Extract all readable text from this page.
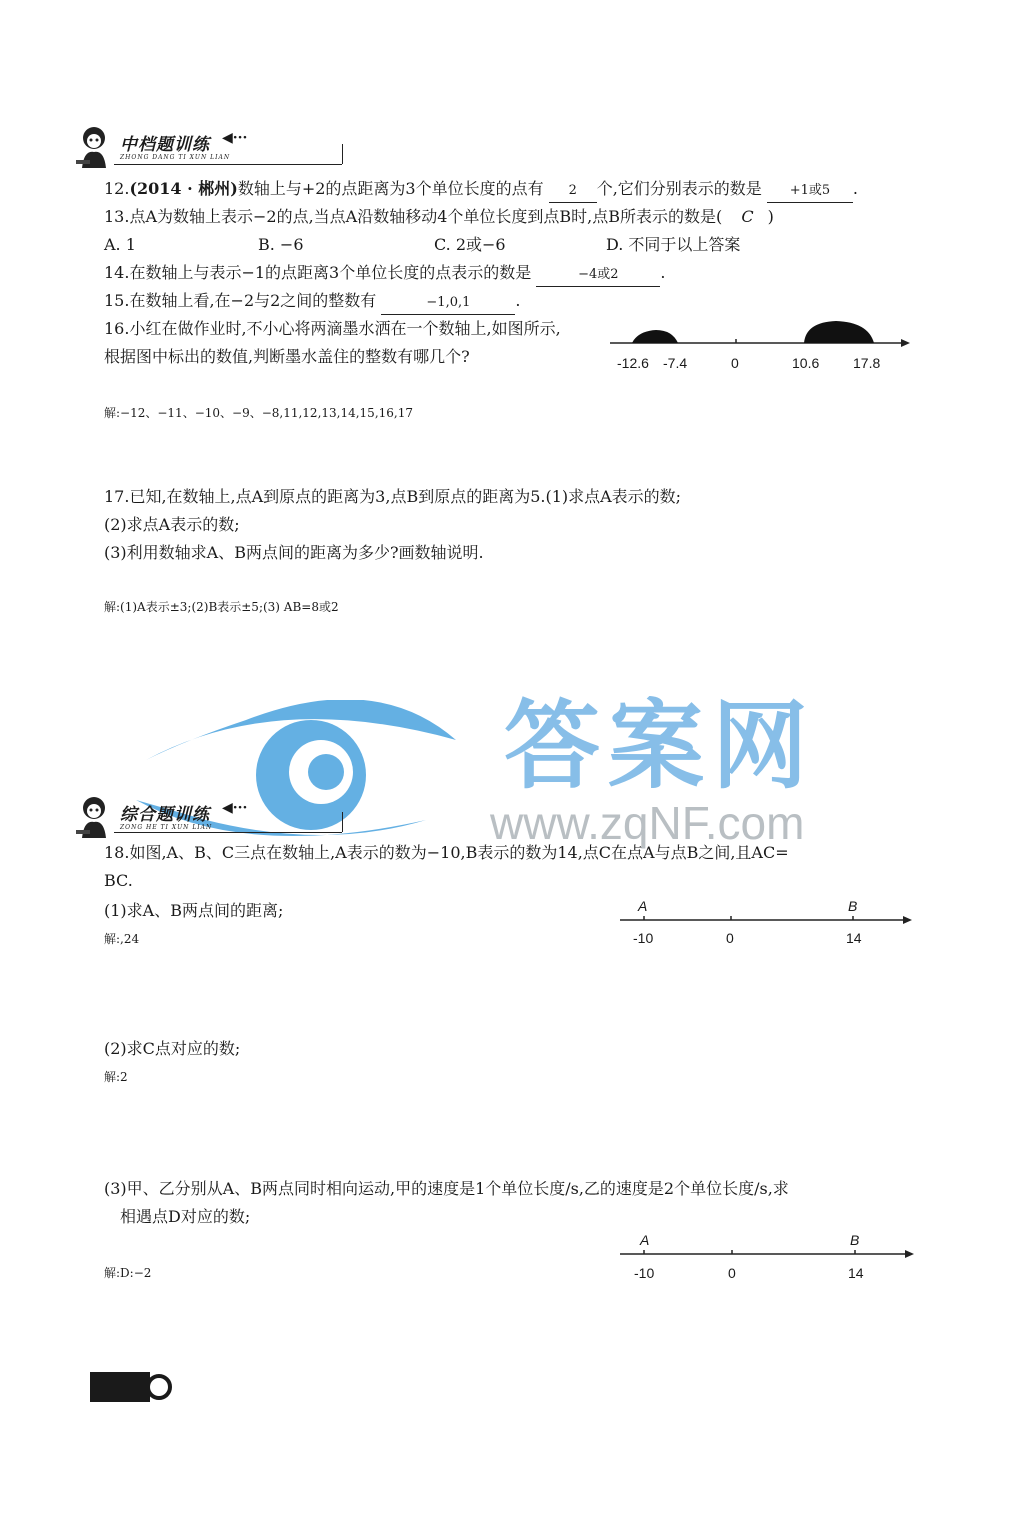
中档题训练 ◀···
ZHONG DANG TI XUN LIAN
12.(2014 · 郴州)数轴上与+2的点距离为3个单位长度的点有 2 个,它们分别表示的数是 +1或5 .
13.点A为数轴上表示−2的点,当点A沿数轴移动4个单位长度到点B时,点B所表示的数是( C )
A. 1	B. −6	C. 2或−6	D. 不同于以上答案
14.在数轴上与表示−1的点距离3个单位长度的点表示的数是	−4或2	.
15.在数轴上看,在−2与2之间的整数有	−1,0,1	.
16.小红在做作业时,不小心将两滴墨水洒在一个数轴上,如图所示,
根据图中标出的数值,判断墨水盖住的整数有哪几个?	-12.6 -7.4	0	10.6 17.8
解:−12、−11、−10、−9、−8,11,12,13,14,15,16,17
17.已知,在数轴上,点A到原点的距离为3,点B到原点的距离为5.(1)求点A表示的数;
(2)求点A表示的数;
(3)利用数轴求A、B两点间的距离为多少?画数轴说明.
解:(1)A表示±3;(2)B表示±5;(3) AB=8或2
答案网
www.zqNF.com
综合题训练 ◀···
ZONG HE TI XUN LIAN
18.如图,A、B、C三点在数轴上,A表示的数为−10,B表示的数为14,点C在点A与点B之间,且AC=
BC.
(1)求A、B两点间的距离;
解:,24
A	B
-10	0	14
(2)求C点对应的数;
解:2
(3)甲、乙分别从A、B两点同时相向运动,甲的速度是1个单位长度/s,乙的速度是2个单位长度/s,求
相遇点D对应的数;
A	B
-10	0	14
解:D:−2
